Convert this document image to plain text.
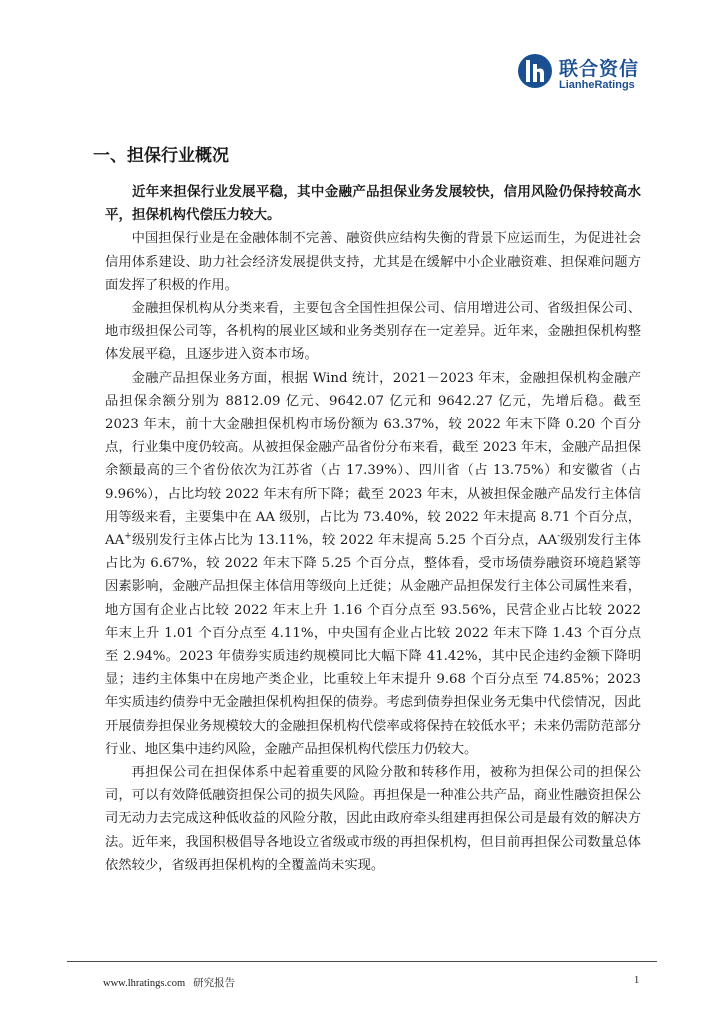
联合资信
LianheRatings
一、担保行业概况

近年来担保行业发展平稳，其中金融产品担保业务发展较快，信用风险仍保持较高水平，担保机构代偿压力较大。

中国担保行业是在金融体制不完善、融资供应结构失衡的背景下应运而生，为促进社会信用体系建设、助力社会经济发展提供支持，尤其是在缓解中小企业融资难、担保难问题方面发挥了积极的作用。

金融担保机构从分类来看，主要包含全国性担保公司、信用增进公司、省级担保公司、地市级担保公司等，各机构的展业区域和业务类别存在一定差异。近年来，金融担保机构整体发展平稳，且逐步进入资本市场。

金融产品担保业务方面，根据 Wind 统计，2021－2023 年末，金融担保机构金融产品担保余额分别为 8812.09 亿元、9642.07 亿元和 9642.27 亿元，先增后稳。截至 2023 年末，前十大金融担保机构市场份额为 63.37%，较 2022 年末下降 0.20 个百分点，行业集中度仍较高。从被担保金融产品省份分布来看，截至 2023 年末，金融产品担保余额最高的三个省份依次为江苏省（占 17.39%）、四川省（占 13.75%）和安徽省（占 9.96%），占比均较 2022 年末有所下降；截至 2023 年末，从被担保金融产品发行主体信用等级来看，主要集中在 AA 级别，占比为 73.40%，较 2022 年末提高 8.71 个百分点，AA+级别发行主体占比为 13.11%，较 2022 年末提高 5.25 个百分点，AA-级别发行主体占比为 6.67%，较 2022 年末下降 5.25 个百分点，整体看，受市场债券融资环境趋紧等因素影响，金融产品担保主体信用等级向上迁徙；从金融产品担保发行主体公司属性来看，地方国有企业占比较 2022 年末上升 1.16 个百分点至 93.56%，民营企业占比较 2022 年末上升 1.01 个百分点至 4.11%，中央国有企业占比较 2022 年末下降 1.43 个百分点至 2.94%。2023 年债券实质违约规模同比大幅下降 41.42%，其中民企违约金额下降明显；违约主体集中在房地产类企业，比重较上年末提升 9.68 个百分点至 74.85%；2023 年实质违约债券中无金融担保机构担保的债券。考虑到债券担保业务无集中代偿情况，因此开展债券担保业务规模较大的金融担保机构代偿率或将保持在较低水平；未来仍需防范部分行业、地区集中违约风险，金融产品担保机构代偿压力仍较大。

再担保公司在担保体系中起着重要的风险分散和转移作用，被称为担保公司的担保公司，可以有效降低融资担保公司的损失风险。再担保是一种准公共产品，商业性融资担保公司无动力去完成这种低收益的风险分散，因此由政府牵头组建再担保公司是最有效的解决方法。近年来，我国积极倡导各地设立省级或市级的再担保机构，但目前再担保公司数量总体依然较少，省级再担保机构的全覆盖尚未实现。

www.lhratings.com 研究报告	1
